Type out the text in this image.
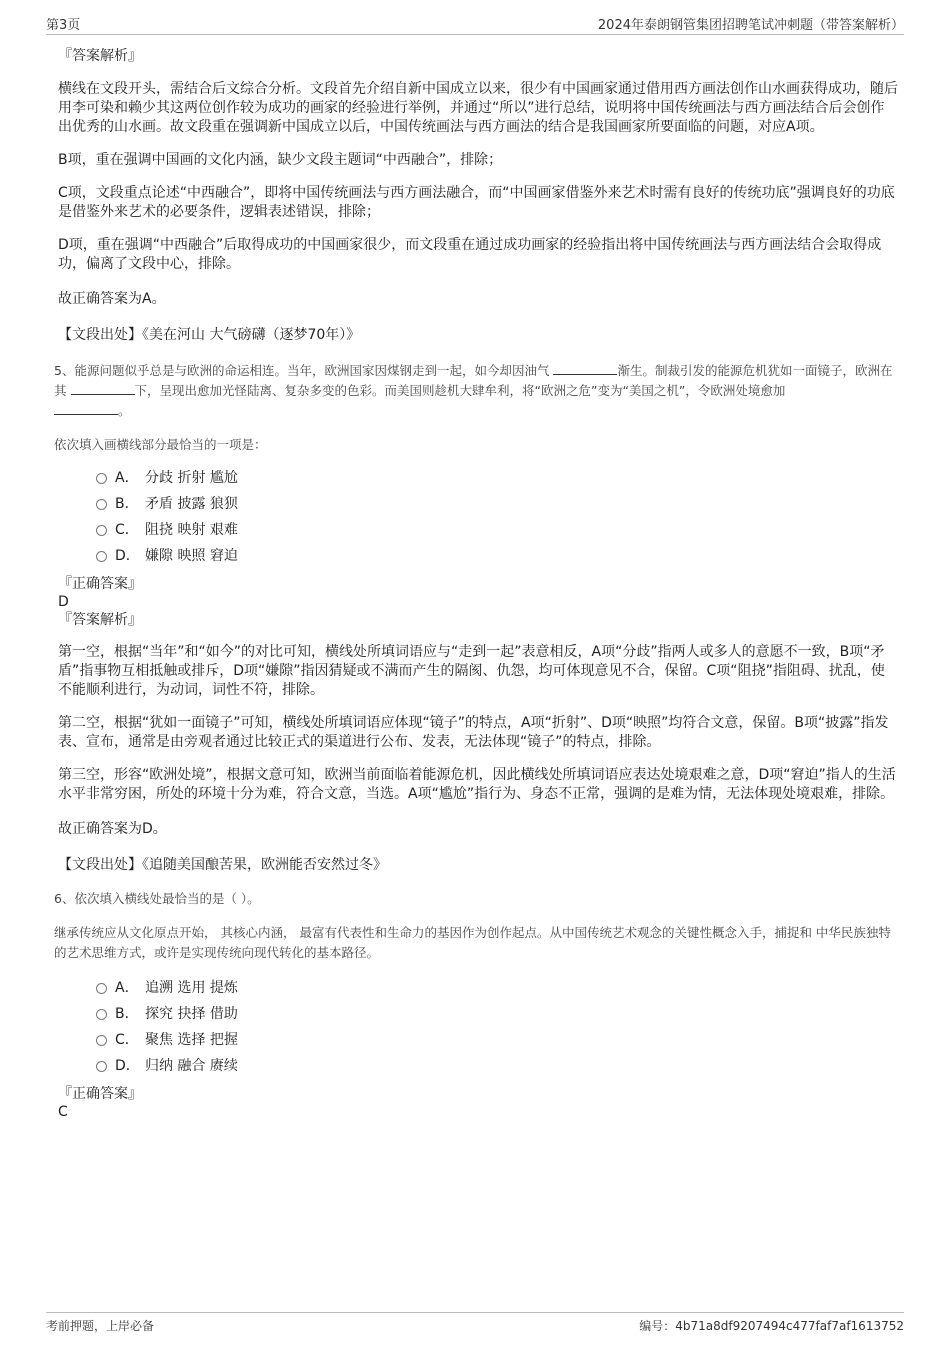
第3页	2024年泰朗钢管集团招聘笔试冲刺题（带答案解析）

『答案解析』

横线在文段开头，需结合后文综合分析。文段首先介绍自新中国成立以来，很少有中国画家通过借用西方画法创作山水画获得成功，随后用李可染和赖少其这两位创作较为成功的画家的经验进行举例，并通过“所以”进行总结，说明将中国传统画法与西方画法结合后会创作出优秀的山水画。故文段重在强调新中国成立以后，中国传统画法与西方画法的结合是我国画家所要面临的问题，对应A项。

B项，重在强调中国画的文化内涵，缺少文段主题词“中西融合”，排除；

C项，文段重点论述“中西融合”，即将中国传统画法与西方画法融合，而“中国画家借鉴外来艺术时需有良好的传统功底”强调良好的功底是借鉴外来艺术的必要条件，逻辑表述错误，排除；

D项，重在强调“中西融合”后取得成功的中国画家很少，而文段重在通过成功画家的经验指出将中国传统画法与西方画法结合会取得成功，偏离了文段中心，排除。

故正确答案为A。

【文段出处】《美在河山 大气磅礴（逐梦70年）》

5、能源问题似乎总是与欧洲的命运相连。当年，欧洲国家因煤钢走到一起，如今却因油气	渐生。制裁引发的能源危机犹如一面镜子，欧洲在其	下，呈现出愈加光怪陆离、复杂多变的色彩。而美国则趁机大肆牟利，将“欧洲之危”变为“美国之机”，令欧洲处境愈加
。

依次填入画横线部分最恰当的一项是：

A． 分歧 折射 尴尬
B． 矛盾 披露 狼狈
C． 阻挠 映射 艰难
D． 嫌隙 映照 窘迫

『正确答案』

D

『答案解析』

第一空，根据“当年”和“如今”的对比可知，横线处所填词语应与“走到一起”表意相反，A项“分歧”指两人或多人的意愿不一致，B项“矛盾”指事物互相抵触或排斥，D项“嫌隙”指因猜疑或不满而产生的隔阂、仇怨，均可体现意见不合，保留。C项“阻挠”指阻碍、扰乱，使不能顺利进行，为动词，词性不符，排除。

第二空，根据“犹如一面镜子”可知，横线处所填词语应体现“镜子”的特点，A项“折射”、D项“映照”均符合文意，保留。B项“披露”指发表、宣布，通常是由旁观者通过比较正式的渠道进行公布、发表，无法体现“镜子”的特点，排除。

第三空，形容“欧洲处境”，根据文意可知，欧洲当前面临着能源危机，因此横线处所填词语应表达处境艰难之意，D项“窘迫”指人的生活水平非常穷困，所处的环境十分为难，符合文意，当选。A项“尴尬”指行为、身态不正常，强调的是难为情，无法体现处境艰难，排除。

故正确答案为D。

【文段出处】《追随美国酿苦果，欧洲能否安然过冬》

6、依次填入横线处最恰当的是（ ）。

继承传统应从文化原点开始， 其核心内涵， 最富有代表性和生命力的基因作为创作起点。从中国传统艺术观念的关键性概念入手，捕捉和 中华民族独特的艺术思维方式，或许是实现传统向现代转化的基本路径。

A． 追溯 选用 提炼
B． 探究 抉择 借助
C． 聚焦 选择 把握
D． 归纳 融合 赓续

『正确答案』

C

考前押题，上岸必备	编号：4b71a8df9207494c477faf7af1613752
